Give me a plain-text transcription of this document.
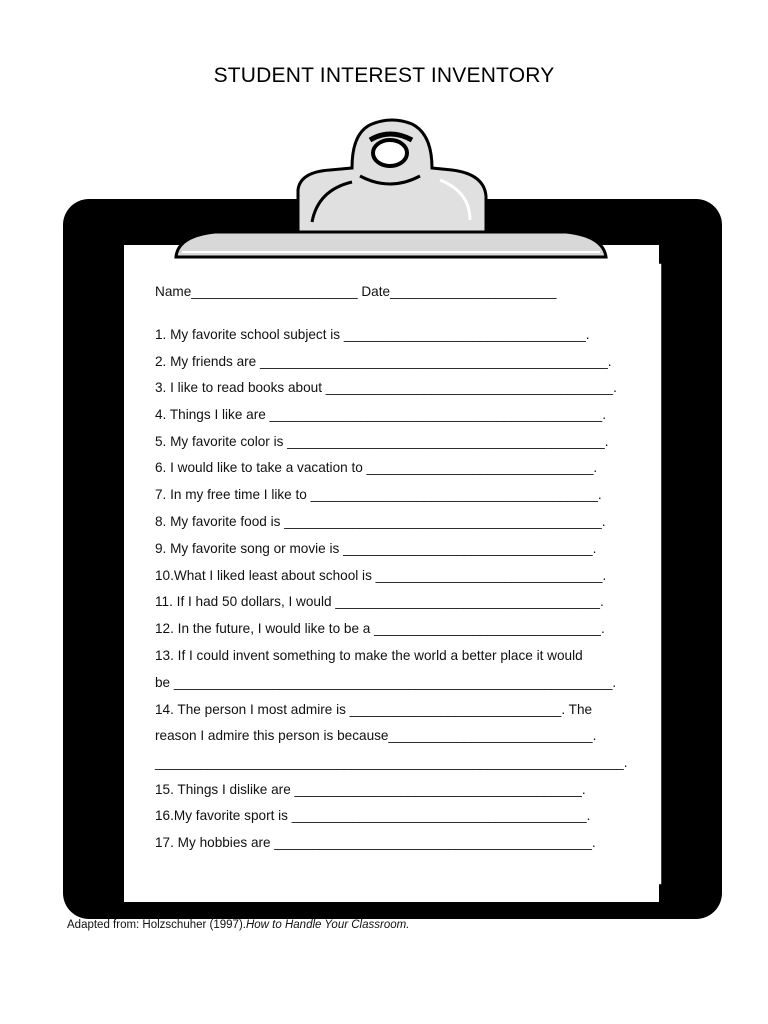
STUDENT INTEREST INVENTORY
Name______________________ Date______________________
1. My favorite school subject is ________________________________.
2. My friends are ______________________________________________.
3. I like to read books about ______________________________________.
4. Things I like are ____________________________________________.
5. My favorite color is __________________________________________.
6. I would like to take a vacation to ______________________________.
7. In my free time I like to ______________________________________.
8. My favorite food is __________________________________________.
9. My favorite song or movie is _________________________________.
10.What I liked least about school is ______________________________.
11. If I had 50 dollars, I would ___________________________________.
12. In the future, I would like to be a ______________________________.
13. If I could invent something to make the world a better place it would
be __________________________________________________________.
14. The person I most admire is ____________________________. The
reason I admire this person is because___________________________.
______________________________________________________________.
15. Things I dislike are ______________________________________.
16.My favorite sport is _______________________________________.
17. My hobbies are __________________________________________.
Adapted from: Holzschuher (1997).How to Handle Your Classroom.
